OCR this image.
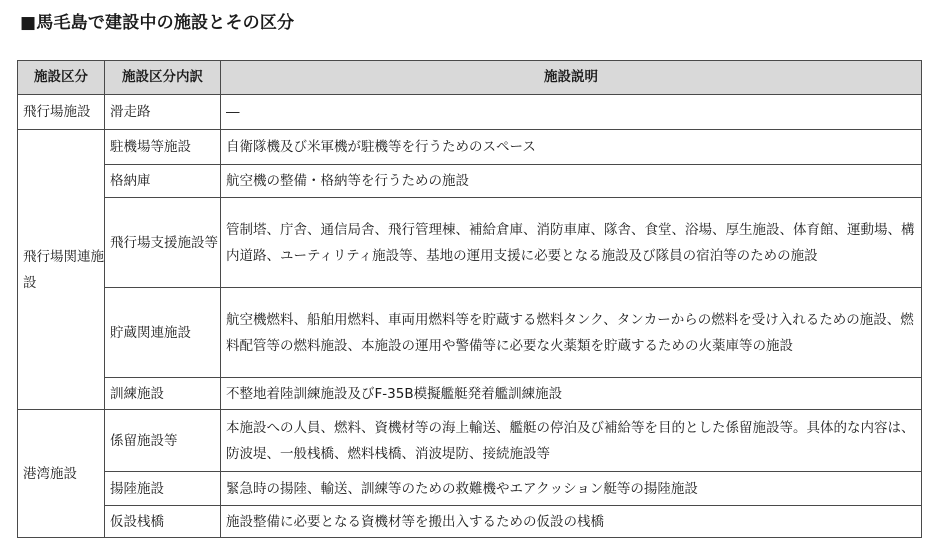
■馬毛島で建設中の施設とその区分
施設区分	施設区分内訳	施設説明
飛行場施設	滑走路	―
飛行場関連施設	駐機場等施設	自衛隊機及び米軍機が駐機等を行うためのスペース
	格納庫	航空機の整備・格納等を行うための施設
	飛行場支援施設等	管制塔、庁舎、通信局舎、飛行管理棟、補給倉庫、消防車庫、隊舎、食堂、浴場、厚生施設、体育館、運動場、構内道路、ユーティリティ施設等、基地の運用支援に必要となる施設及び隊員の宿泊等のための施設
	貯蔵関連施設	航空機燃料、船舶用燃料、車両用燃料等を貯蔵する燃料タンク、タンカーからの燃料を受け入れるための施設、燃料配管等の燃料施設、本施設の運用や警備等に必要な火薬類を貯蔵するための火薬庫等の施設
	訓練施設	不整地着陸訓練施設及びF-35B模擬艦艇発着艦訓練施設
港湾施設	係留施設等	本施設への人員、燃料、資機材等の海上輸送、艦艇の停泊及び補給等を目的とした係留施設等。具体的な内容は、防波堤、一般桟橋、燃料桟橋、消波堤防、接続施設等
	揚陸施設	緊急時の揚陸、輸送、訓練等のための救難機やエアクッション艇等の揚陸施設
	仮設桟橋	施設整備に必要となる資機材等を搬出入するための仮設の桟橋
